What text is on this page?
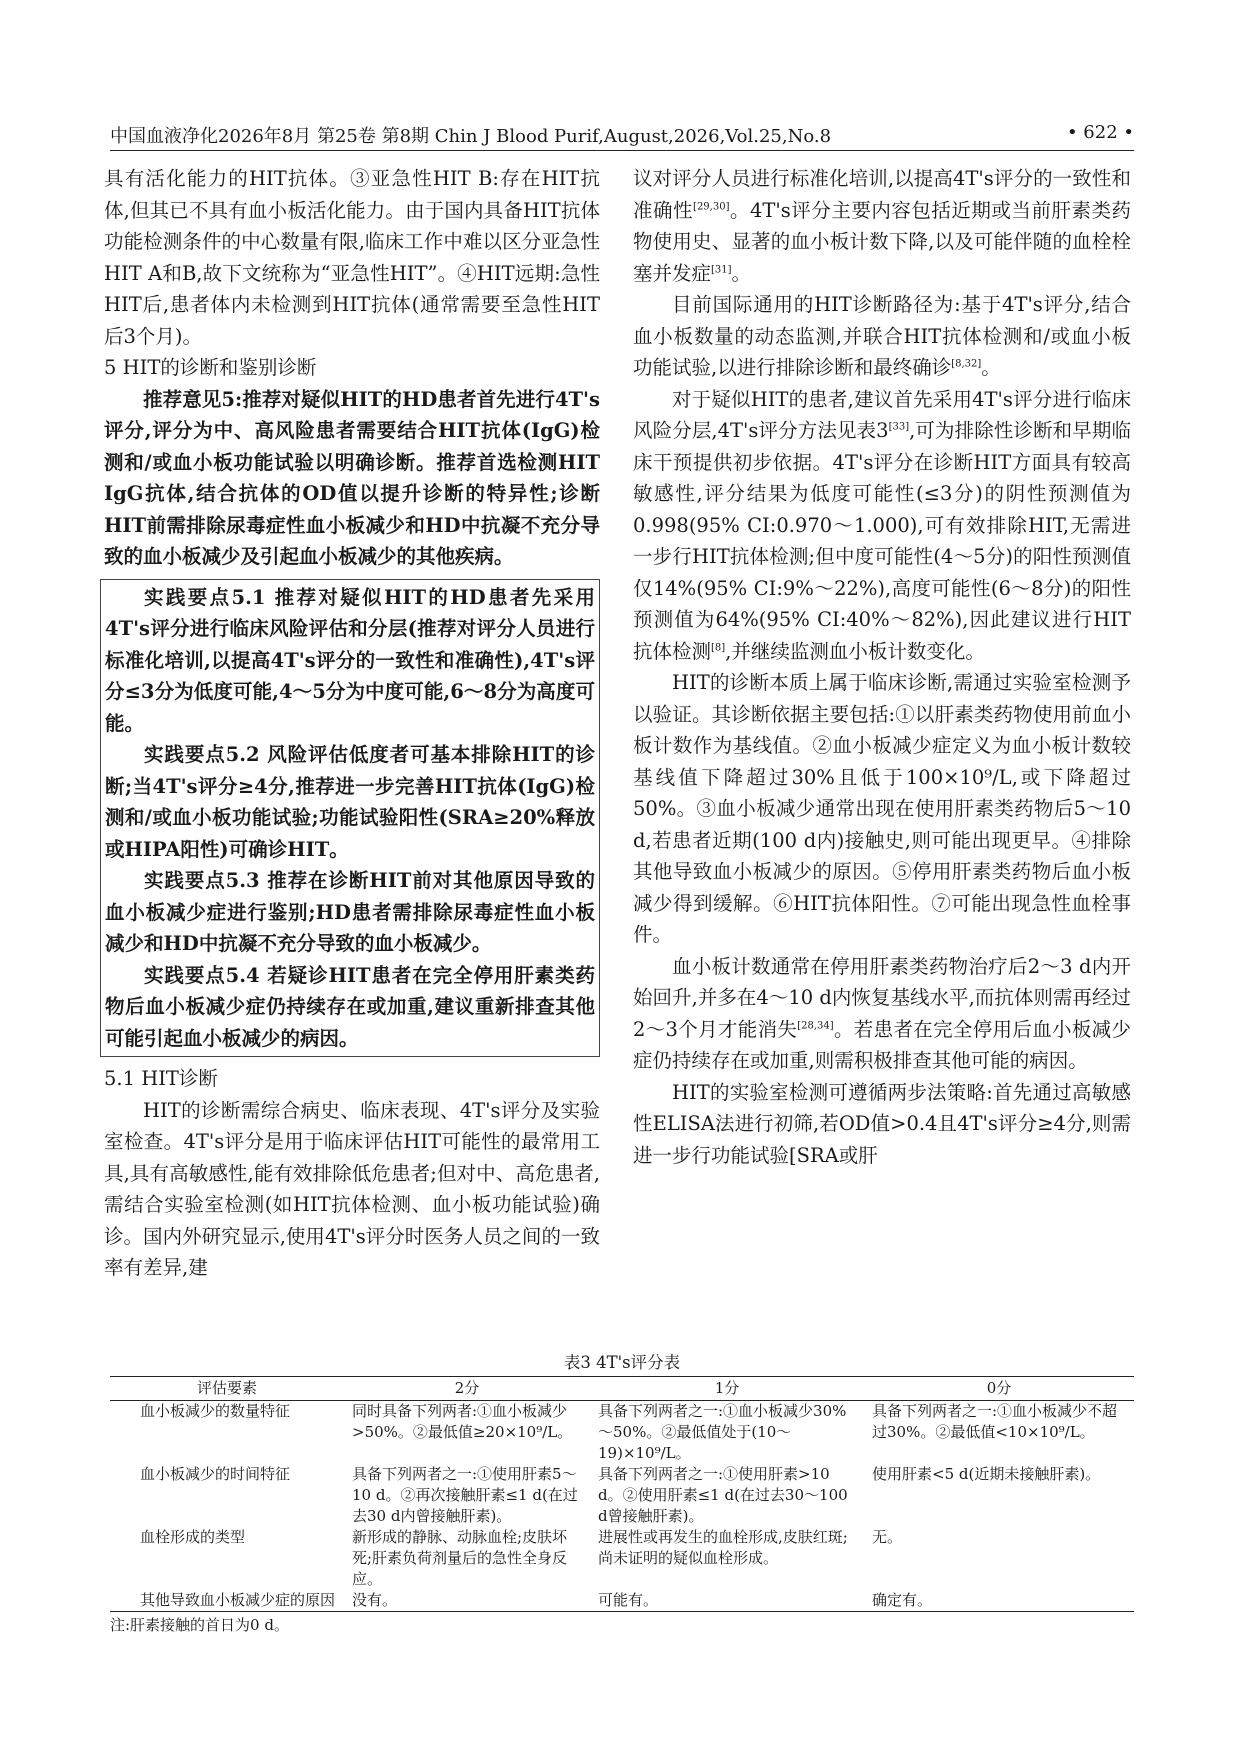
中国血液净化2026年8月 第25卷 第8期 Chin J Blood Purif,August,2026,Vol.25,No.8	• 622 •

具有活化能力的HIT抗体。③亚急性HIT B:存在HIT抗体,但其已不具有血小板活化能力。由于国内具备HIT抗体功能检测条件的中心数量有限,临床工作中难以区分亚急性HIT A和B,故下文统称为“亚急性HIT”。④HIT远期:急性HIT后,患者体内未检测到HIT抗体(通常需要至急性HIT后3个月)。

5 HIT的诊断和鉴别诊断

推荐意见5:推荐对疑似HIT的HD患者首先进行4T's评分,评分为中、高风险患者需要结合HIT抗体(IgG)检测和/或血小板功能试验以明确诊断。推荐首选检测HIT IgG抗体,结合抗体的OD值以提升诊断的特异性;诊断HIT前需排除尿毒症性血小板减少和HD中抗凝不充分导致的血小板减少及引起血小板减少的其他疾病。

实践要点5.1 推荐对疑似HIT的HD患者先采用4T's评分进行临床风险评估和分层(推荐对评分人员进行标准化培训,以提高4T's评分的一致性和准确性),4T's评分≤3分为低度可能,4～5分为中度可能,6～8分为高度可能。

实践要点5.2 风险评估低度者可基本排除HIT的诊断;当4T's评分≥4分,推荐进一步完善HIT抗体(IgG)检测和/或血小板功能试验;功能试验阳性(SRA≥20%释放或HIPA阳性)可确诊HIT。

实践要点5.3 推荐在诊断HIT前对其他原因导致的血小板减少症进行鉴别;HD患者需排除尿毒症性血小板减少和HD中抗凝不充分导致的血小板减少。

实践要点5.4 若疑诊HIT患者在完全停用肝素类药物后血小板减少症仍持续存在或加重,建议重新排查其他可能引起血小板减少的病因。

5.1 HIT诊断

HIT的诊断需综合病史、临床表现、4T's评分及实验室检查。4T's评分是用于临床评估HIT可能性的最常用工具,具有高敏感性,能有效排除低危患者;但对中、高危患者,需结合实验室检测(如HIT抗体检测、血小板功能试验)确诊。国内外研究显示,使用4T's评分时医务人员之间的一致率有差异,建

议对评分人员进行标准化培训,以提高4T's评分的一致性和准确性[29,30]。4T's评分主要内容包括近期或当前肝素类药物使用史、显著的血小板计数下降,以及可能伴随的血栓栓塞并发症[31]。

目前国际通用的HIT诊断路径为:基于4T's评分,结合血小板数量的动态监测,并联合HIT抗体检测和/或血小板功能试验,以进行排除诊断和最终确诊[8,32]。

对于疑似HIT的患者,建议首先采用4T's评分进行临床风险分层,4T's评分方法见表3[33],可为排除性诊断和早期临床干预提供初步依据。4T's评分在诊断HIT方面具有较高敏感性,评分结果为低度可能性(≤3分)的阴性预测值为0.998(95% CI:0.970～1.000),可有效排除HIT,无需进一步行HIT抗体检测;但中度可能性(4～5分)的阳性预测值仅14%(95% CI:9%～22%),高度可能性(6～8分)的阳性预测值为64%(95% CI:40%～82%),因此建议进行HIT抗体检测[8],并继续监测血小板计数变化。

HIT的诊断本质上属于临床诊断,需通过实验室检测予以验证。其诊断依据主要包括:①以肝素类药物使用前血小板计数作为基线值。②血小板减少症定义为血小板计数较基线值下降超过30%且低于100×10⁹/L,或下降超过50%。③血小板减少通常出现在使用肝素类药物后5～10 d,若患者近期(100 d内)接触史,则可能出现更早。④排除其他导致血小板减少的原因。⑤停用肝素类药物后血小板减少得到缓解。⑥HIT抗体阳性。⑦可能出现急性血栓事件。

血小板计数通常在停用肝素类药物治疗后2～3 d内开始回升,并多在4～10 d内恢复基线水平,而抗体则需再经过2～3个月才能消失[28,34]。若患者在完全停用后血小板减少症仍持续存在或加重,则需积极排查其他可能的病因。

HIT的实验室检测可遵循两步法策略:首先通过高敏感性ELISA法进行初筛,若OD值>0.4且4T's评分≥4分,则需进一步行功能试验[SRA或肝

表3 4T's评分表
评估要素	2分	1分	0分
血小板减少的数量特征	同时具备下列两者:①血小板减少>50%。②最低值≥20×10⁹/L。	具备下列两者之一:①血小板减少30%～50%。②最低值处于(10～19)×10⁹/L。	具备下列两者之一:①血小板减少不超过30%。②最低值<10×10⁹/L。
血小板减少的时间特征	具备下列两者之一:①使用肝素5～10 d。②再次接触肝素≤1 d(在过去30 d内曾接触肝素)。	具备下列两者之一:①使用肝素>10 d。②使用肝素≤1 d(在过去30～100 d曾接触肝素)。	使用肝素<5 d(近期未接触肝素)。
血栓形成的类型	新形成的静脉、动脉血栓;皮肤坏死;肝素负荷剂量后的急性全身反应。	进展性或再发生的血栓形成,皮肤红斑;尚未证明的疑似血栓形成。	无。
其他导致血小板减少症的原因	没有。	可能有。	确定有。
注:肝素接触的首日为0 d。
